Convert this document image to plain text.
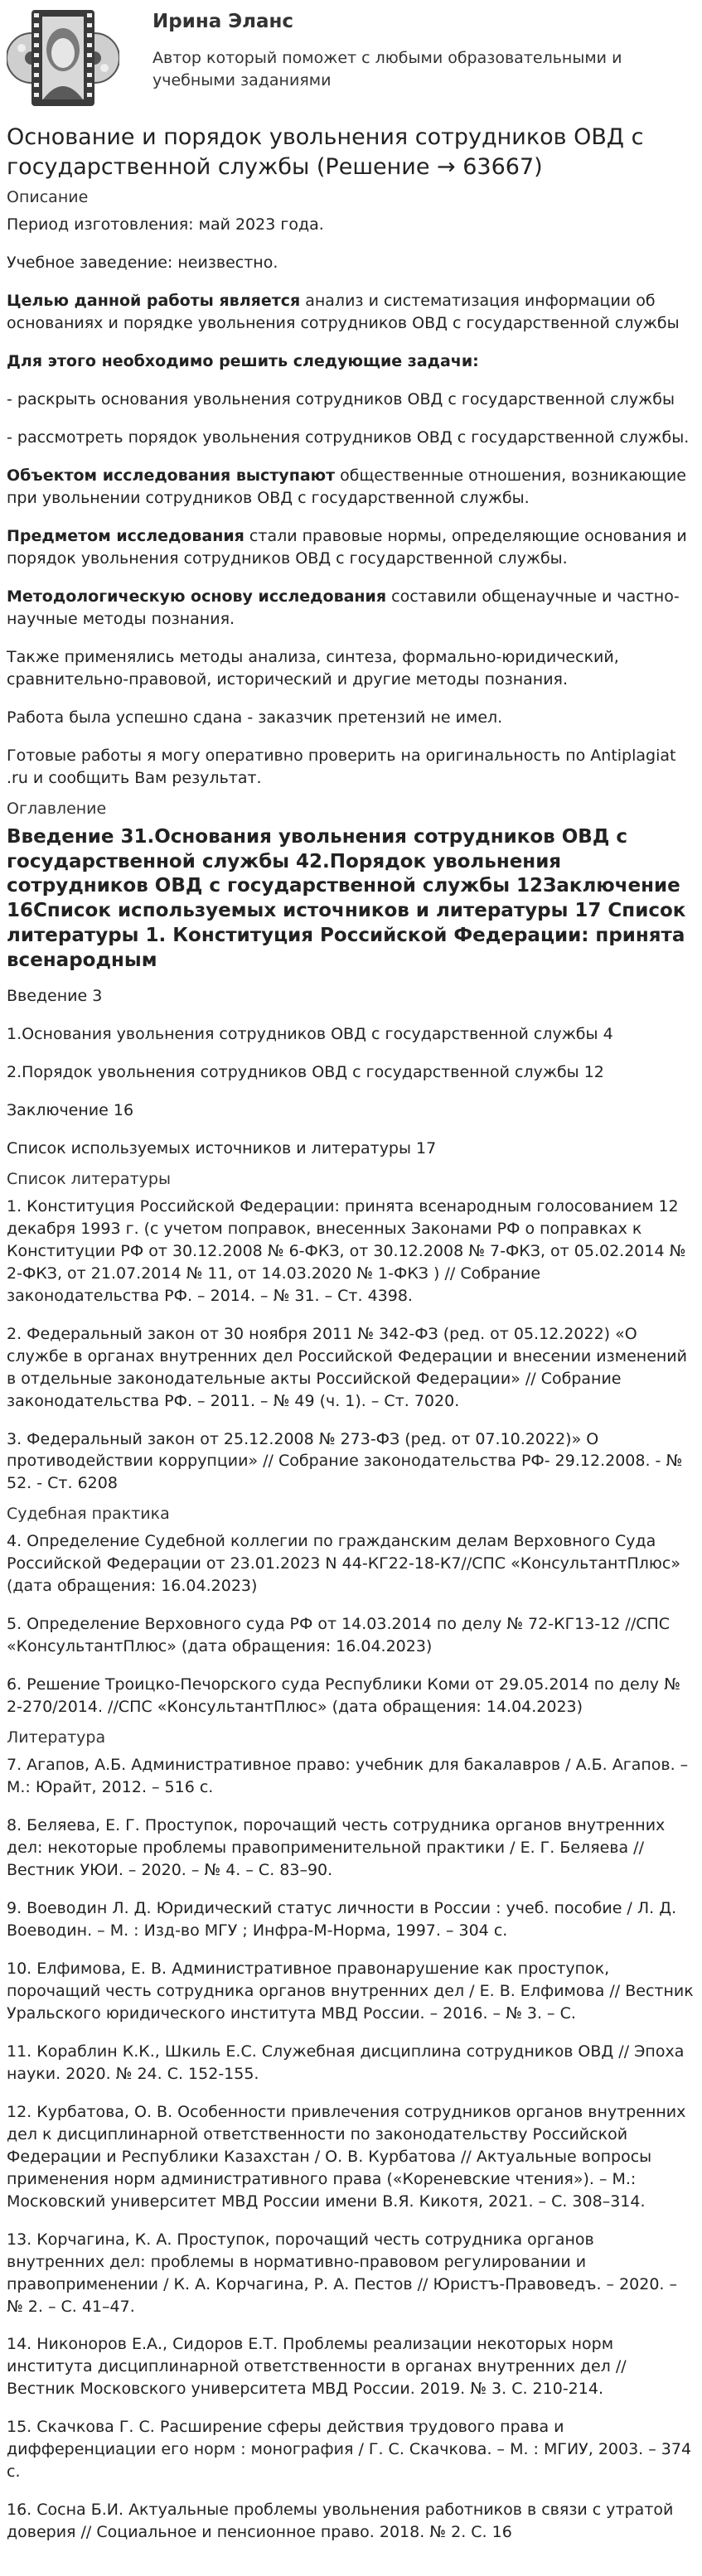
Ирина Эланс
Автор который поможет с любыми образовательными и учебными заданиями
Основание и порядок увольнения сотрудников ОВД с государственной службы (Решение → 63667)
Описание

Период изготовления: май 2023 года.

Учебное заведение: неизвестно.

Целью данной работы является анализ и систематизация информации об основаниях и порядке увольнения сотрудников ОВД с государственной службы

Для этого необходимо решить следующие задачи:

- раскрыть основания увольнения сотрудников ОВД с государственной службы

- рассмотреть порядок увольнения сотрудников ОВД с государственной службы.

Объектом исследования выступают общественные отношения, возникающие при увольнении сотрудников ОВД с государственной службы.

Предметом исследования стали правовые нормы, определяющие основания и порядок увольнения сотрудников ОВД с государственной службы.

Методологическую основу исследования составили общенаучные и частно-научные методы познания.

Также применялись методы анализа, синтеза, формально-юридический, сравнительно-правовой, исторический и другие методы познания.

Работа была успешно сдана - заказчик претензий не имел.

Готовые работы я могу оперативно проверить на оригинальность по Antiplagiat .ru и сообщить Вам результат.

Оглавление
Введение 31.Основания увольнения сотрудников ОВД с государственной службы 42.Порядок увольнения сотрудников ОВД с государственной службы 12Заключение 16Список используемых источников и литературы 17 Список литературы 1. Конституция Российской Федерации: принята всенародным

Введение 3

1.Основания увольнения сотрудников ОВД с государственной службы 4

2.Порядок увольнения сотрудников ОВД с государственной службы 12

Заключение 16

Список используемых источников и литературы 17

Список литературы

1. Конституция Российской Федерации: принята всенародным голосованием 12 декабря 1993 г. (с учетом поправок, внесенных Законами РФ о поправках к Конституции РФ от 30.12.2008 № 6-ФКЗ, от 30.12.2008 № 7-ФКЗ, от 05.02.2014 № 2-ФКЗ, от 21.07.2014 № 11, от 14.03.2020 № 1-ФКЗ ) // Собрание законодательства РФ. – 2014. – № 31. – Ст. 4398.

2. Федеральный закон от 30 ноября 2011 № 342-ФЗ (ред. от 05.12.2022) «О службе в органах внутренних дел Российской Федерации и внесении изменений в отдельные законодательные акты Российской Федерации» // Собрание законодательства РФ. – 2011. – № 49 (ч. 1). – Ст. 7020.

3. Федеральный закон от 25.12.2008 № 273-ФЗ (ред. от 07.10.2022)» О противодействии коррупции» // Собрание законодательства РФ- 29.12.2008. - № 52. - Ст. 6208

Судебная практика

4. Определение Судебной коллегии по гражданским делам Верховного Суда Российской Федерации от 23.01.2023 N 44-КГ22-18-К7//СПС «КонсультантПлюс» (дата обращения: 16.04.2023)

5. Определение Верховного суда РФ от 14.03.2014 по делу № 72-КГ13-12 //СПС «КонсультантПлюс» (дата обращения: 16.04.2023)

6. Решение Троицко-Печорского суда Республики Коми от 29.05.2014 по делу № 2-270/2014. //СПС «КонсультантПлюс» (дата обращения: 14.04.2023)

Литература

7. Агапов, А.Б. Административное право: учебник для бакалавров / А.Б. Агапов. – М.: Юрайт, 2012. – 516 с.

8. Беляева, Е. Г. Проступок, порочащий честь сотрудника органов внутренних дел: некоторые проблемы правоприменительной практики / Е. Г. Беляева // Вестник УЮИ. – 2020. – № 4. – С. 83–90.

9. Воеводин Л. Д. Юридический статус личности в России : учеб. пособие / Л. Д. Воеводин. – М. : Изд-во МГУ ; Инфра-М-Норма, 1997. – 304 с.

10. Елфимова, Е. В. Административное правонарушение как проступок, порочащий честь сотрудника органов внутренних дел / Е. В. Елфимова // Вестник Уральского юридического института МВД России. – 2016. – № 3. – С.

11. Кораблин К.К., Шкиль Е.С. Служебная дисциплина сотрудников ОВД // Эпоха науки. 2020. № 24. С. 152-155.

12. Курбатова, О. В. Особенности привлечения сотрудников органов внутренних дел к дисциплинарной ответственности по законодательству Российской Федерации и Республики Казахстан / О. В. Курбатова // Актуальные вопросы применения норм административного права («Кореневские чтения»). – М.: Московский университет МВД России имени В.Я. Кикотя, 2021. – С. 308–314.

13. Корчагина, К. А. Проступок, порочащий честь сотрудника органов внутренних дел: проблемы в нормативно-правовом регулировании и правоприменении / К. А. Корчагина, Р. А. Пестов // Юристъ-Правоведъ. – 2020. – № 2. – С. 41–47.

14. Никоноров Е.А., Сидоров Е.Т. Проблемы реализации некоторых норм института дисциплинарной ответственности в органах внутренних дел // Вестник Московского университета МВД России. 2019. № 3. С. 210-214.

15. Скачкова Г. С. Расширение сферы действия трудового права и дифференциации его норм : монография / Г. С. Скачкова. – М. : МГИУ, 2003. – 374 с.

16. Сосна Б.И. Актуальные проблемы увольнения работников в связи с утратой доверия // Социальное и пенсионное право. 2018. № 2. С. 16
